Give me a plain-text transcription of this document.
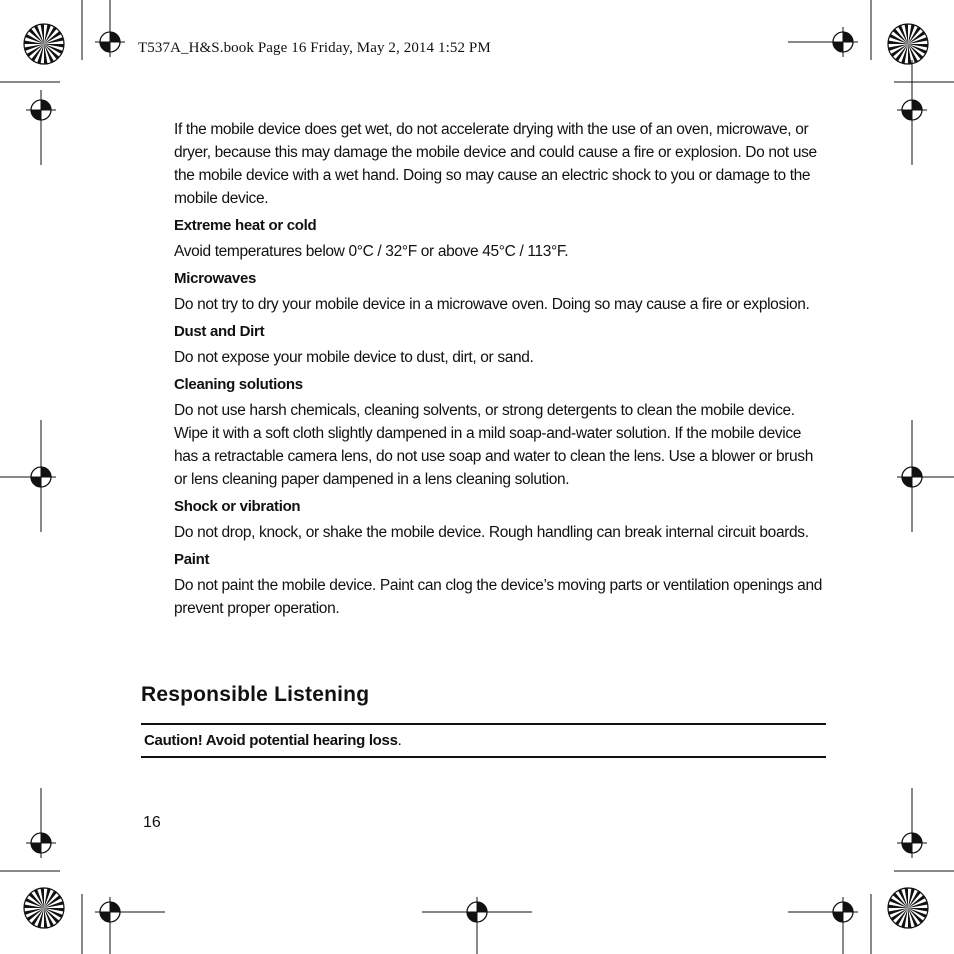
T537A_H&S.book Page 16 Friday, May 2, 2014 1:52 PM

If the mobile device does get wet, do not accelerate drying with the use of an oven, microwave, or dryer, because this may damage the mobile device and could cause a fire or explosion. Do not use the mobile device with a wet hand. Doing so may cause an electric shock to you or damage to the mobile device.

Extreme heat or cold

Avoid temperatures below 0°C / 32°F or above 45°C / 113°F.

Microwaves

Do not try to dry your mobile device in a microwave oven. Doing so may cause a fire or explosion.

Dust and Dirt

Do not expose your mobile device to dust, dirt, or sand.

Cleaning solutions

Do not use harsh chemicals, cleaning solvents, or strong detergents to clean the mobile device. Wipe it with a soft cloth slightly dampened in a mild soap-and-water solution. If the mobile device has a retractable camera lens, do not use soap and water to clean the lens. Use a blower or brush or lens cleaning paper dampened in a lens cleaning solution.

Shock or vibration

Do not drop, knock, or shake the mobile device. Rough handling can break internal circuit boards.

Paint

Do not paint the mobile device. Paint can clog the device’s moving parts or ventilation openings and prevent proper operation.

Responsible Listening
Caution! Avoid potential hearing loss.
16
